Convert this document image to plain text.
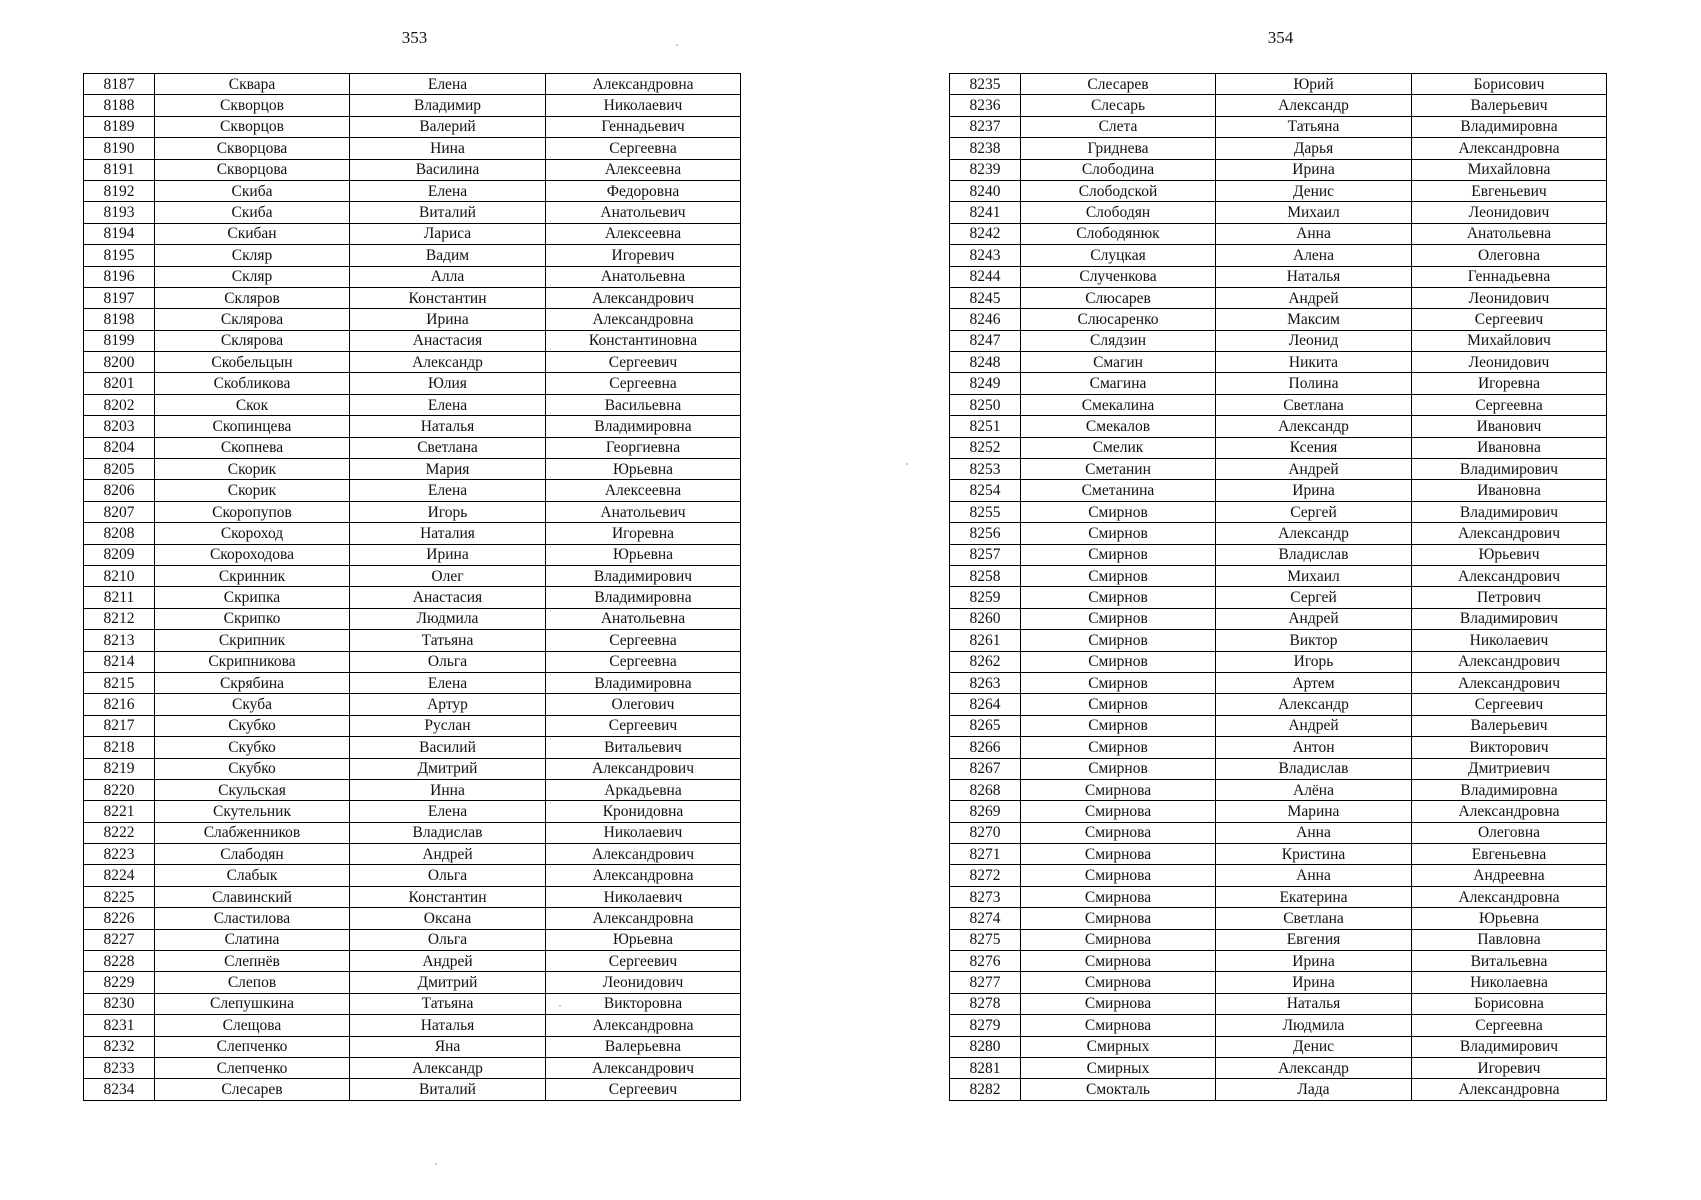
353
8187	Сквара	Елена	Александровна
8188	Скворцов	Владимир	Николаевич
8189	Скворцов	Валерий	Геннадьевич
8190	Скворцова	Нина	Сергеевна
8191	Скворцова	Василина	Алексеевна
8192	Скиба	Елена	Федоровна
8193	Скиба	Виталий	Анатольевич
8194	Скибан	Лариса	Алексеевна
8195	Скляр	Вадим	Игоревич
8196	Скляр	Алла	Анатольевна
8197	Скляров	Константин	Александрович
8198	Склярова	Ирина	Александровна
8199	Склярова	Анастасия	Константиновна
8200	Скобельцын	Александр	Сергеевич
8201	Скобликова	Юлия	Сергеевна
8202	Скок	Елена	Васильевна
8203	Скопинцева	Наталья	Владимировна
8204	Скопнева	Светлана	Георгиевна
8205	Скорик	Мария	Юрьевна
8206	Скорик	Елена	Алексеевна
8207	Скоропупов	Игорь	Анатольевич
8208	Скороход	Наталия	Игоревна
8209	Скороходова	Ирина	Юрьевна
8210	Скринник	Олег	Владимирович
8211	Скрипка	Анастасия	Владимировна
8212	Скрипко	Людмила	Анатольевна
8213	Скрипник	Татьяна	Сергеевна
8214	Скрипникова	Ольга	Сергеевна
8215	Скрябина	Елена	Владимировна
8216	Скуба	Артур	Олегович
8217	Скубко	Руслан	Сергеевич
8218	Скубко	Василий	Витальевич
8219	Скубко	Дмитрий	Александрович
8220	Скульская	Инна	Аркадьевна
8221	Скутельник	Елена	Кронидовна
8222	Слабженников	Владислав	Николаевич
8223	Слабодян	Андрей	Александрович
8224	Слабык	Ольга	Александровна
8225	Славинский	Константин	Николаевич
8226	Сластилова	Оксана	Александровна
8227	Слатина	Ольга	Юрьевна
8228	Слепнёв	Андрей	Сергеевич
8229	Слепов	Дмитрий	Леонидович
8230	Слепушкина	Татьяна	Викторовна
8231	Слещова	Наталья	Александровна
8232	Слепченко	Яна	Валерьевна
8233	Слепченко	Александр	Александрович
8234	Слесарев	Виталий	Сергеевич
354
8235	Слесарев	Юрий	Борисович
8236	Слесарь	Александр	Валерьевич
8237	Слета	Татьяна	Владимировна
8238	Гриднева	Дарья	Александровна
8239	Слободина	Ирина	Михайловна
8240	Слободской	Денис	Евгеньевич
8241	Слободян	Михаил	Леонидович
8242	Слободянюк	Анна	Анатольевна
8243	Слуцкая	Алена	Олеговна
8244	Слученкова	Наталья	Геннадьевна
8245	Слюсарев	Андрей	Леонидович
8246	Слюсаренко	Максим	Сергеевич
8247	Слядзин	Леонид	Михайлович
8248	Смагин	Никита	Леонидович
8249	Смагина	Полина	Игоревна
8250	Смекалина	Светлана	Сергеевна
8251	Смекалов	Александр	Иванович
8252	Смелик	Ксения	Ивановна
8253	Сметанин	Андрей	Владимирович
8254	Сметанина	Ирина	Ивановна
8255	Смирнов	Сергей	Владимирович
8256	Смирнов	Александр	Александрович
8257	Смирнов	Владислав	Юрьевич
8258	Смирнов	Михаил	Александрович
8259	Смирнов	Сергей	Петрович
8260	Смирнов	Андрей	Владимирович
8261	Смирнов	Виктор	Николаевич
8262	Смирнов	Игорь	Александрович
8263	Смирнов	Артем	Александрович
8264	Смирнов	Александр	Сергеевич
8265	Смирнов	Андрей	Валерьевич
8266	Смирнов	Антон	Викторович
8267	Смирнов	Владислав	Дмитриевич
8268	Смирнова	Алёна	Владимировна
8269	Смирнова	Марина	Александровна
8270	Смирнова	Анна	Олеговна
8271	Смирнова	Кристина	Евгеньевна
8272	Смирнова	Анна	Андреевна
8273	Смирнова	Екатерина	Александровна
8274	Смирнова	Светлана	Юрьевна
8275	Смирнова	Евгения	Павловна
8276	Смирнова	Ирина	Витальевна
8277	Смирнова	Ирина	Николаевна
8278	Смирнова	Наталья	Борисовна
8279	Смирнова	Людмила	Сергеевна
8280	Смирных	Денис	Владимирович
8281	Смирных	Александр	Игоревич
8282	Смокталь	Лада	Александровна
